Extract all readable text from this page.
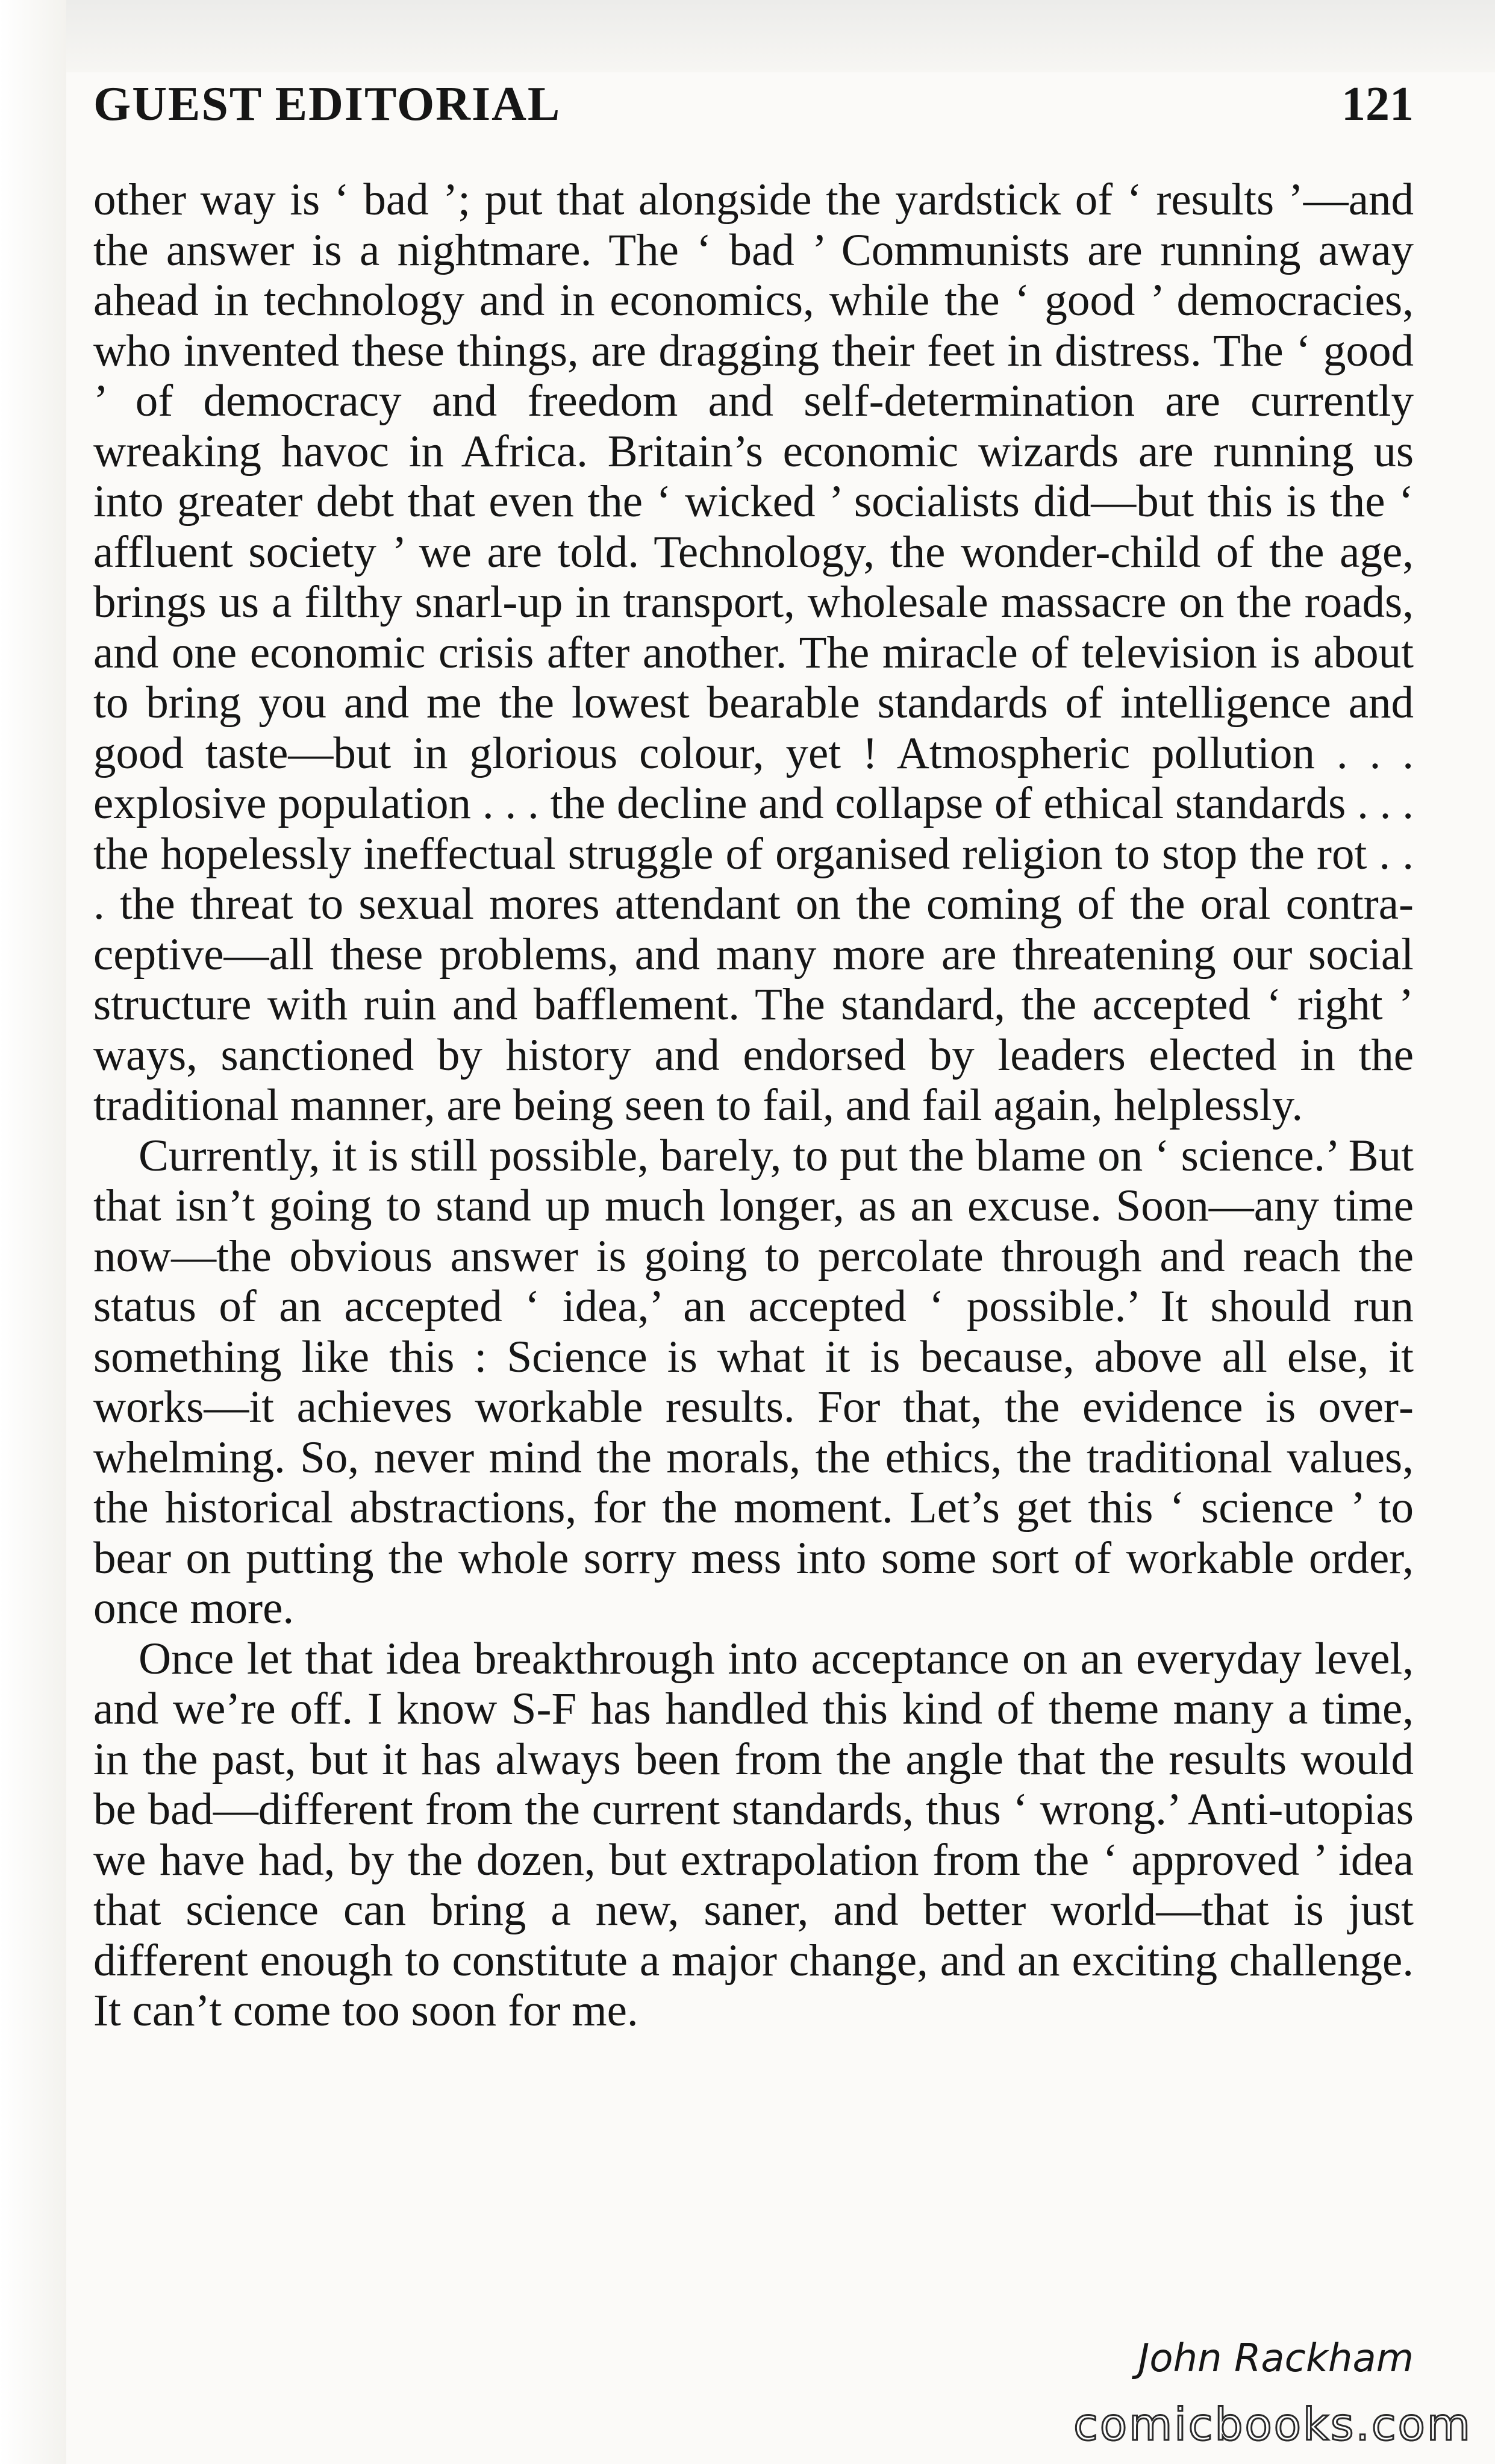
GUEST EDITORIAL	121

other way is ‘ bad ’; put that alongside the yardstick of ‘ results ’—and the answer is a nightmare. The ‘ bad ’ Communists are running away ahead in technology and in economics, while the ‘ good ’ democracies, who invented these things, are dragging their feet in distress. The ‘ good ’ of democracy and freedom and self-determination are currently wreaking havoc in Africa. Britain’s economic wizards are running us into greater debt that even the ‘ wicked ’ socialists did—but this is the ‘ affluent society ’ we are told. Technology, the wonder-child of the age, brings us a filthy snarl-up in transport, wholesale massacre on the roads, and one economic crisis after another. The miracle of television is about to bring you and me the lowest bearable standards of intelligence and good taste—but in glorious colour, yet ! Atmospheric pollution . . . explosive population . . . the decline and collapse of ethical standards . . . the hopelessly ineffectual struggle of organised religion to stop the rot . . . the threat to sexual mores attendant on the coming of the oral contraceptive—all these problems, and many more are threatening our social structure with ruin and bafflement. The standard, the accepted ‘ right ’ ways, sanctioned by history and endorsed by leaders elected in the traditional manner, are being seen to fail, and fail again, helplessly.

Currently, it is still possible, barely, to put the blame on ‘ science.’ But that isn’t going to stand up much longer, as an excuse. Soon—any time now—the obvious answer is going to percolate through and reach the status of an accepted ‘ idea,’ an accepted ‘ possible.’ It should run something like this : Science is what it is because, above all else, it works—it achieves workable results. For that, the evidence is overwhelming. So, never mind the morals, the ethics, the traditional values, the historical abstractions, for the moment. Let’s get this ‘ science ’ to bear on putting the whole sorry mess into some sort of workable order, once more.

Once let that idea breakthrough into acceptance on an everyday level, and we’re off. I know S-F has handled this kind of theme many a time, in the past, but it has always been from the angle that the results would be bad—different from the current standards, thus ‘ wrong.’ Anti-utopias we have had, by the dozen, but extrapolation from the ‘ approved ’ idea that science can bring a new, saner, and better world—that is just different enough to constitute a major change, and an exciting challenge. It can’t come too soon for me.

John Rackham
comicbooks.com
